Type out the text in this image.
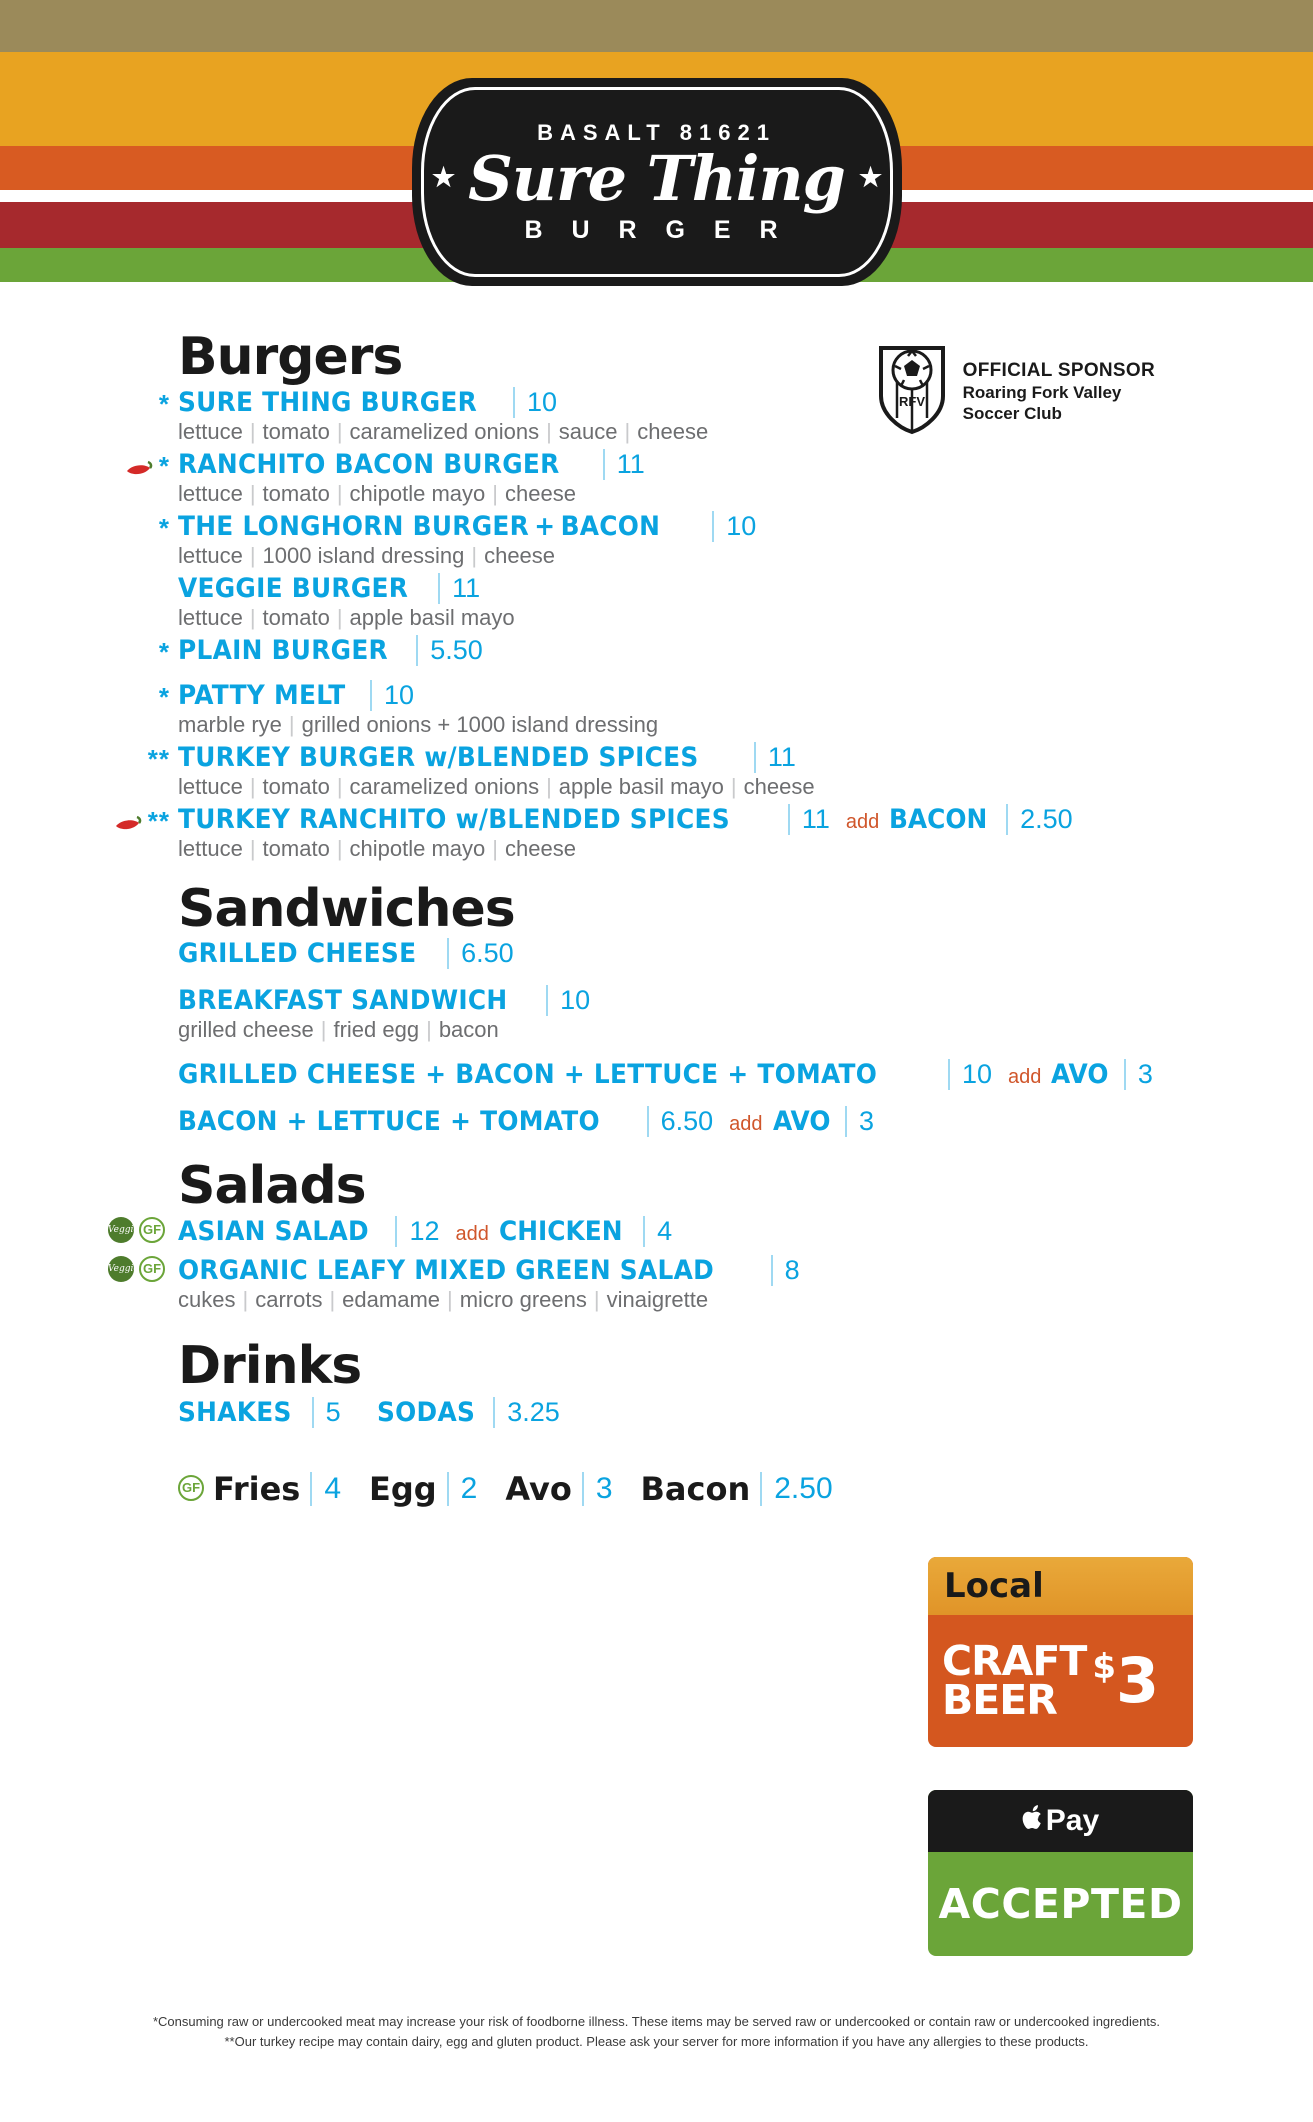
BASALT 81621
★ Sure Thing ★
B U R G E R
RFV
OFFICIAL SPONSOR
Roaring Fork Valley
Soccer Club
Burgers
* SURE THING BURGER	10
lettuce | tomato | caramelized onions | sauce | cheese
* RANCHITO BACON BURGER	11
lettuce | tomato | chipotle mayo | cheese
* THE LONGHORN BURGER + BACON	10
lettuce | 1000 island dressing | cheese
VEGGIE BURGER	11
lettuce | tomato | apple basil mayo
* PLAIN BURGER	5.50
* PATTY MELT	10
marble rye | grilled onions + 1000 island dressing
** TURKEY BURGER w/BLENDED SPICES	11
lettuce | tomato | caramelized onions | apple basil mayo | cheese
** TURKEY RANCHITO w/BLENDED SPICES	11 add BACON	2.50
lettuce | tomato | chipotle mayo | cheese
Sandwiches
GRILLED CHEESE	6.50
BREAKFAST SANDWICH	10
grilled cheese | fried egg | bacon
GRILLED CHEESE + BACON + LETTUCE + TOMATO	10 add AVO	3
BACON + LETTUCE + TOMATO	6.50 add AVO	3
Salads
Veggie GF ASIAN SALAD	12 add CHICKEN	4
Veggie GF ORGANIC LEAFY MIXED GREEN SALAD	8
cukes | carrots | edamame | micro greens | vinaigrette
Drinks
SHAKES	5 SODAS	3.25
GF Fries 4 Egg 2 Avo 3 Bacon 2.50
Local
CRAFT
BEER
$3
Pay
ACCEPTED
*Consuming raw or undercooked meat may increase your risk of foodborne illness. These items may be served raw or undercooked or contain raw or undercooked ingredients.
**Our turkey recipe may contain dairy, egg and gluten product. Please ask your server for more information if you have any allergies to these products.
